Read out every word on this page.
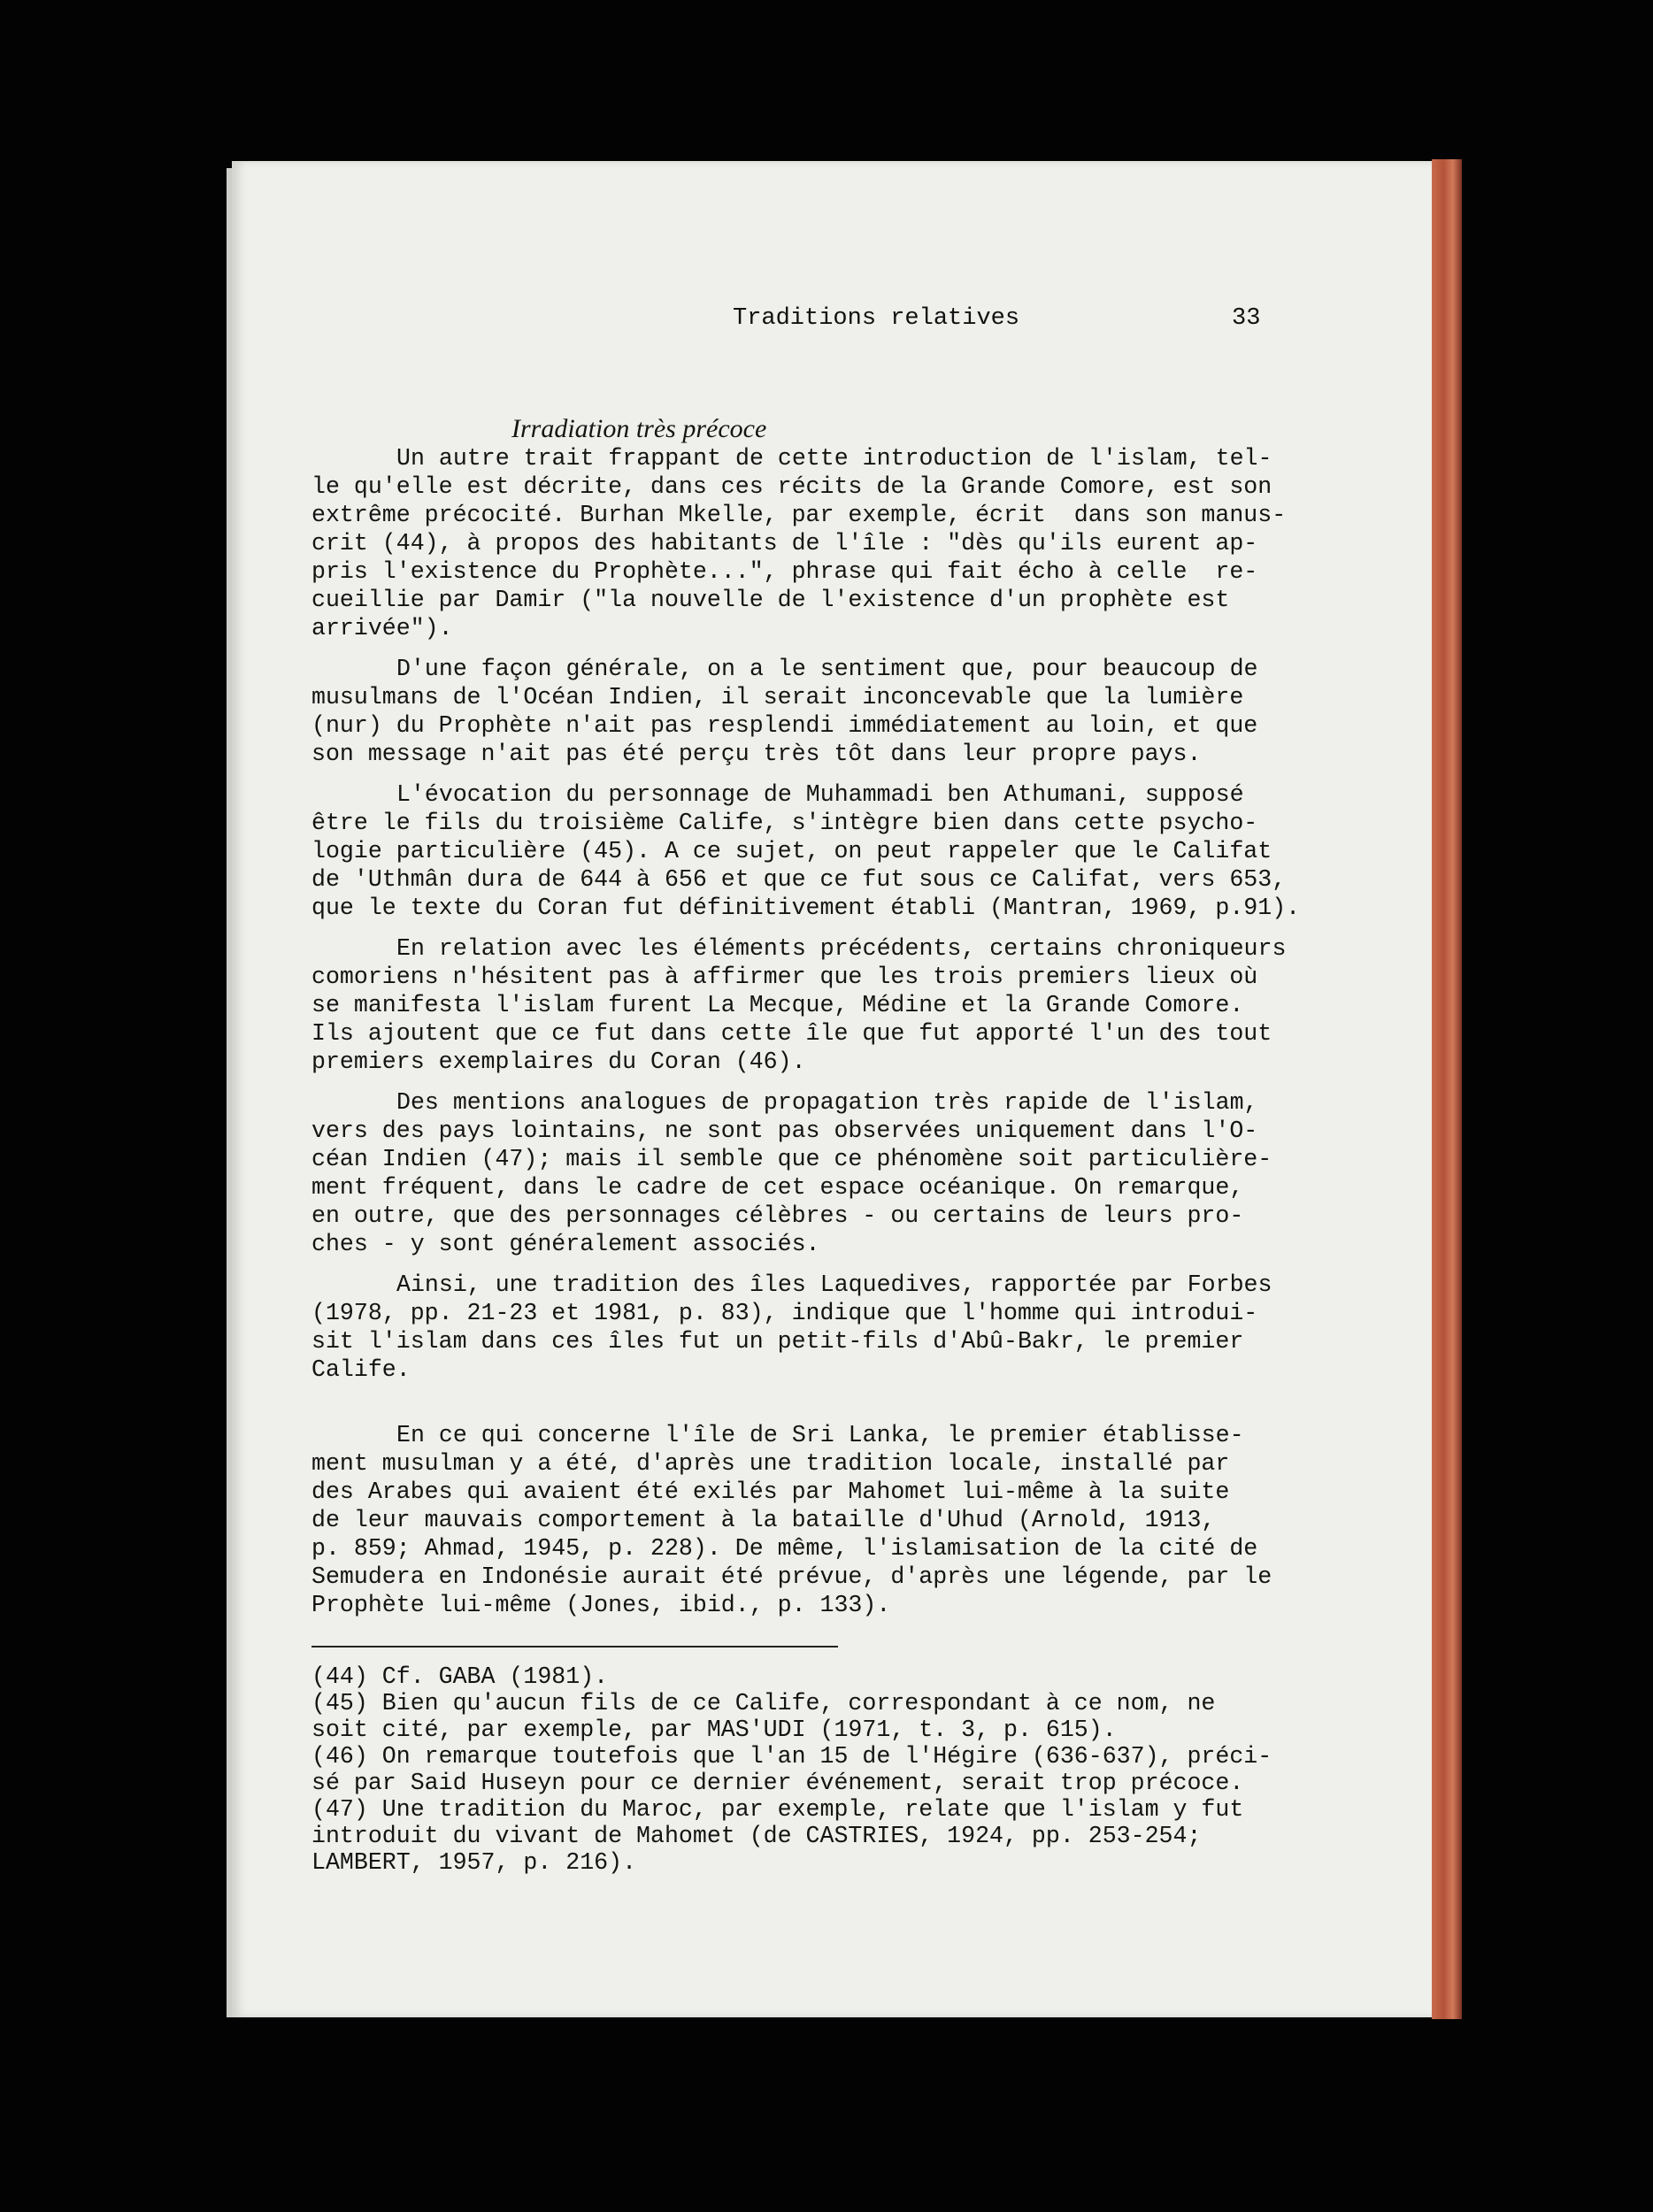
Traditions relatives	33
Irradiation très précoce
Un autre trait frappant de cette introduction de l'islam, tel-
le qu'elle est décrite, dans ces récits de la Grande Comore, est son
extrême précocité. Burhan Mkelle, par exemple, écrit  dans son manus-
crit (44), à propos des habitants de l'île : "dès qu'ils eurent ap-
pris l'existence du Prophète...", phrase qui fait écho à celle  re-
cueillie par Damir ("la nouvelle de l'existence d'un prophète est
arrivée").
D'une façon générale, on a le sentiment que, pour beaucoup de
musulmans de l'Océan Indien, il serait inconcevable que la lumière
(nur) du Prophète n'ait pas resplendi immédiatement au loin, et que
son message n'ait pas été perçu très tôt dans leur propre pays.
L'évocation du personnage de Muhammadi ben Athumani, supposé
être le fils du troisième Calife, s'intègre bien dans cette psycho-
logie particulière (45). A ce sujet, on peut rappeler que le Califat
de 'Uthmân dura de 644 à 656 et que ce fut sous ce Califat, vers 653,
que le texte du Coran fut définitivement établi (Mantran, 1969, p.91).
En relation avec les éléments précédents, certains chroniqueurs
comoriens n'hésitent pas à affirmer que les trois premiers lieux où
se manifesta l'islam furent La Mecque, Médine et la Grande Comore.
Ils ajoutent que ce fut dans cette île que fut apporté l'un des tout
premiers exemplaires du Coran (46).
Des mentions analogues de propagation très rapide de l'islam,
vers des pays lointains, ne sont pas observées uniquement dans l'O-
céan Indien (47); mais il semble que ce phénomène soit particulière-
ment fréquent, dans le cadre de cet espace océanique. On remarque,
en outre, que des personnages célèbres - ou certains de leurs pro-
ches - y sont généralement associés.
Ainsi, une tradition des îles Laquedives, rapportée par Forbes
(1978, pp. 21-23 et 1981, p. 83), indique que l'homme qui introdui-
sit l'islam dans ces îles fut un petit-fils d'Abû-Bakr, le premier
Calife.
En ce qui concerne l'île de Sri Lanka, le premier établisse-
ment musulman y a été, d'après une tradition locale, installé par
des Arabes qui avaient été exilés par Mahomet lui-même à la suite
de leur mauvais comportement à la bataille d'Uhud (Arnold, 1913,
p. 859; Ahmad, 1945, p. 228). De même, l'islamisation de la cité de
Semudera en Indonésie aurait été prévue, d'après une légende, par le
Prophète lui-même (Jones, ibid., p. 133).
(44) Cf. GABA (1981).
(45) Bien qu'aucun fils de ce Calife, correspondant à ce nom, ne
soit cité, par exemple, par MAS'UDI (1971, t. 3, p. 615).
(46) On remarque toutefois que l'an 15 de l'Hégire (636-637), préci-
sé par Said Huseyn pour ce dernier événement, serait trop précoce.
(47) Une tradition du Maroc, par exemple, relate que l'islam y fut
introduit du vivant de Mahomet (de CASTRIES, 1924, pp. 253-254;
LAMBERT, 1957, p. 216).
